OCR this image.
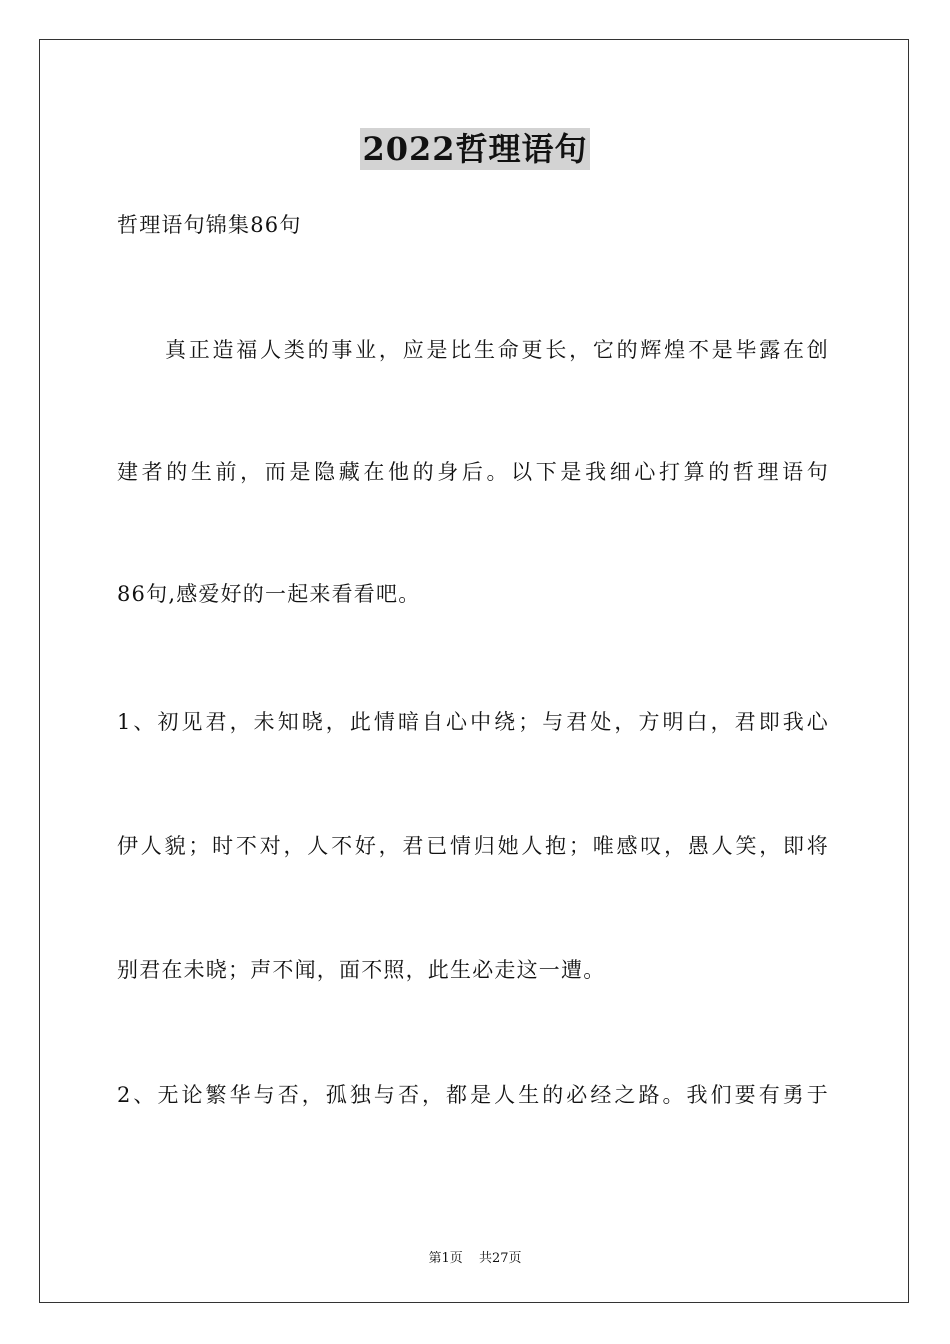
2022哲理语句
哲理语句锦集86句
真正造福人类的事业，应是比生命更长，它的辉煌不是毕露在创
建者的生前，而是隐藏在他的身后。以下是我细心打算的哲理语句
86句,感爱好的一起来看看吧。
1、初见君，未知晓，此情暗自心中绕；与君处，方明白，君即我心
伊人貌；时不对，人不好，君已情归她人抱；唯感叹，愚人笑，即将
别君在未晓；声不闻，面不照，此生必走这一遭。
2、无论繁华与否，孤独与否，都是人生的必经之路。我们要有勇于
第1页 共27页
